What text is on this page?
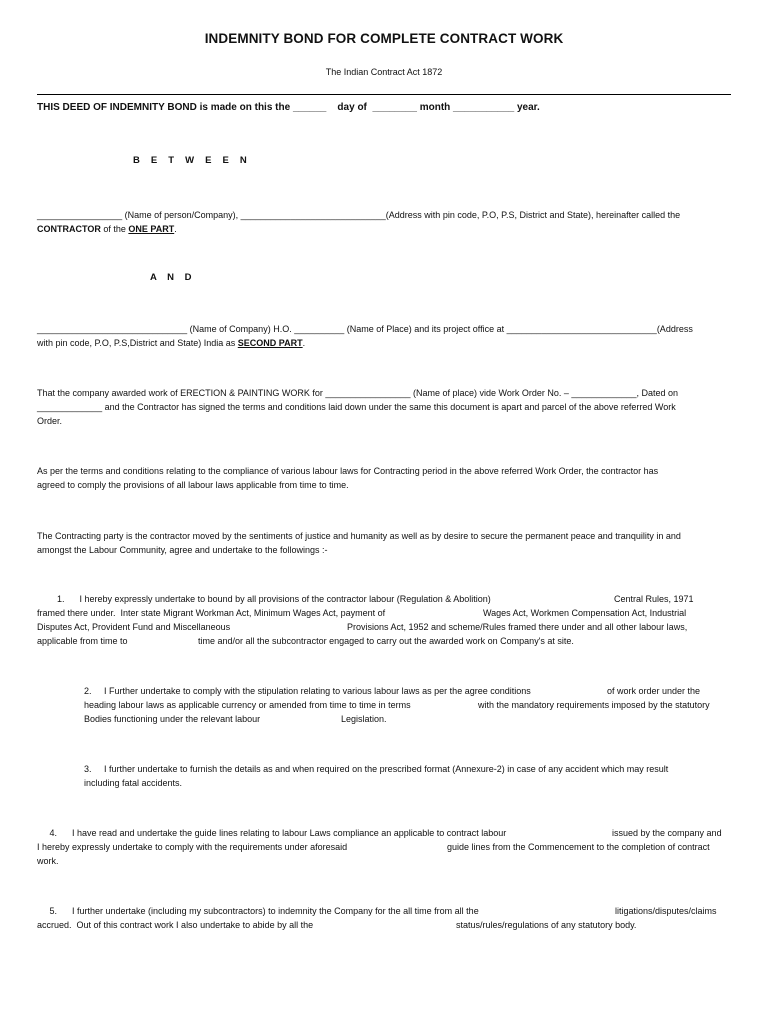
INDEMNITY BOND FOR COMPLETE CONTRACT WORK
The Indian Contract Act 1872
THIS DEED OF INDEMNITY BOND is made on this the ______    day of  ________ month ___________ year.
B E T W E E N
_________________ (Name of person/Company), _____________________________(Address with pin code, P.O, P.S, District and State), hereinafter called the
CONTRACTOR of the ONE PART.
A N D
______________________________ (Name of Company) H.O. __________ (Name of Place) and its project office at ______________________________(Address
with pin code, P.O, P.S,District and State) India as SECOND PART.
That the company awarded work of ERECTION & PAINTING WORK for _________________ (Name of place) vide Work Order No. – _____________, Dated on
_____________ and the Contractor has signed the terms and conditions laid down under the same this document is apart and parcel of the above referred Work
Order.
As per the terms and conditions relating to the compliance of various labour laws for Contracting period in the above referred Work Order, the contractor has
agreed to comply the provisions of all labour laws applicable from time to time.
The Contracting party is the contractor moved by the sentiments of justice and humanity as well as by desire to secure the permanent peace and tranquility in and
amongst the Labour Community, agree and undertake to the followings :-
1.      I hereby expressly undertake to bound by all provisions of the contractor labour (Regulation & Abolition)	Central Rules, 1971
framed there under.  Inter state Migrant Workman Act, Minimum Wages Act, payment of	Wages Act, Workmen Compensation Act, Industrial
Disputes Act, Provident Fund and Miscellaneous	Provisions Act, 1952 and scheme/Rules framed there under and all other labour laws,
applicable from time to	time and/or all the subcontractor engaged to carry out the awarded work on Company's at site.
2.     I Further undertake to comply with the stipulation relating to various labour laws as per the agree conditions	of work order under the
heading labour laws as applicable currency or amended from time to time in terms	with the mandatory requirements imposed by the statutory
Bodies functioning under the relevant labour	Legislation.
3.     I further undertake to furnish the details as and when required on the prescribed format (Annexure-2) in case of any accident which may result
including fatal accidents.
4.      I have read and undertake the guide lines relating to labour Laws compliance an applicable to contract labour	issued by the company and
I hereby expressly undertake to comply with the requirements under aforesaid	guide lines from the Commencement to the completion of contract
work.
5.      I further undertake (including my subcontractors) to indemnity the Company for the all time from all the	litigations/disputes/claims
accrued.  Out of this contract work I also undertake to abide by all the	status/rules/regulations of any statutory body.
